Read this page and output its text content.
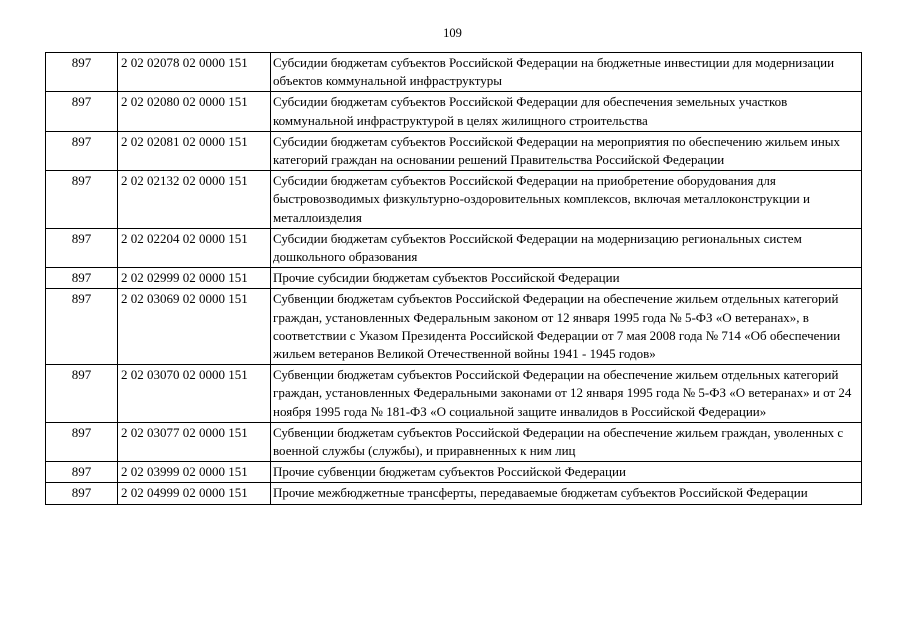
109
897	2 02 02078 02 0000 151	Субсидии бюджетам субъектов Российской Федерации на бюджетные инвестиции для модернизации объектов коммунальной инфраструктуры
897	2 02 02080 02 0000 151	Субсидии бюджетам субъектов Российской Федерации для обеспечения земельных участков коммунальной инфраструктурой в целях жилищного строительства
897	2 02 02081 02 0000 151	Субсидии бюджетам субъектов Российской Федерации на мероприятия по обеспечению жильем иных категорий граждан на основании решений Правительства Российской Федерации
897	2 02 02132 02 0000 151	Субсидии бюджетам субъектов Российской Федерации на приобретение оборудования для быстровозводимых физкультурно-оздоровительных комплексов, включая металлоконструкции и металлоизделия
897	2 02 02204 02 0000 151	Субсидии бюджетам субъектов Российской Федерации на модернизацию региональных систем дошкольного образования
897	2 02 02999 02 0000 151	Прочие субсидии бюджетам субъектов Российской Федерации
897	2 02 03069 02 0000 151	Субвенции бюджетам субъектов Российской Федерации на обеспечение жильем отдельных категорий граждан, установленных Федеральным законом от 12 января 1995 года № 5-ФЗ «О ветеранах», в соответствии с Указом Президента Российской Федерации от 7 мая 2008 года № 714 «Об обеспечении жильем ветеранов Великой Отечественной войны 1941 - 1945 годов»
897	2 02 03070 02 0000 151	Субвенции бюджетам субъектов Российской Федерации на обеспечение жильем отдельных категорий граждан, установленных Федеральными законами от 12 января 1995 года № 5-ФЗ «О ветеранах» и от 24 ноября 1995 года № 181-ФЗ «О социальной защите инвалидов в Российской Федерации»
897	2 02 03077 02 0000 151	Субвенции бюджетам субъектов Российской Федерации на обеспечение жильем граждан, уволенных с военной службы (службы), и приравненных к ним лиц
897	2 02 03999 02 0000 151	Прочие субвенции бюджетам субъектов Российской Федерации
897	2 02 04999 02 0000 151	Прочие межбюджетные трансферты, передаваемые бюджетам субъектов Российской Федерации
